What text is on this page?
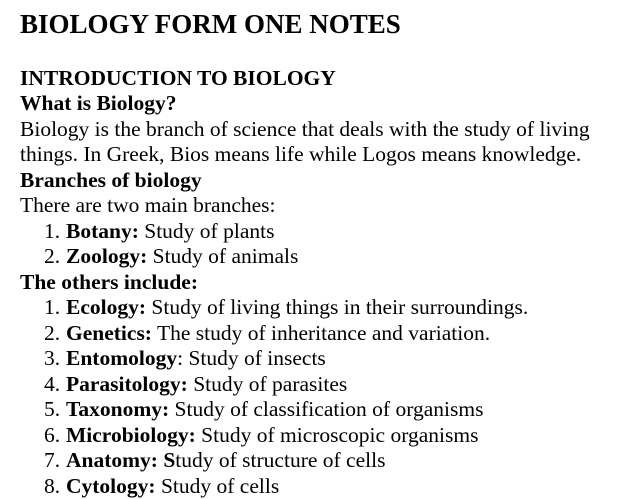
BIOLOGY FORM ONE NOTES
INTRODUCTION TO BIOLOGY
What is Biology?

Biology is the branch of science that deals with the study of living things. In Greek, Bios means life while Logos means knowledge.

Branches of biology

There are two main branches:

1. Botany: Study of plants
2. Zoology: Study of animals
The others include:
1. Ecology: Study of living things in their surroundings.
2. Genetics: The study of inheritance and variation.
3. Entomology: Study of insects
4. Parasitology: Study of parasites
5. Taxonomy: Study of classification of organisms
6. Microbiology: Study of microscopic organisms
7. Anatomy: Study of structure of cells
8. Cytology: Study of cells
